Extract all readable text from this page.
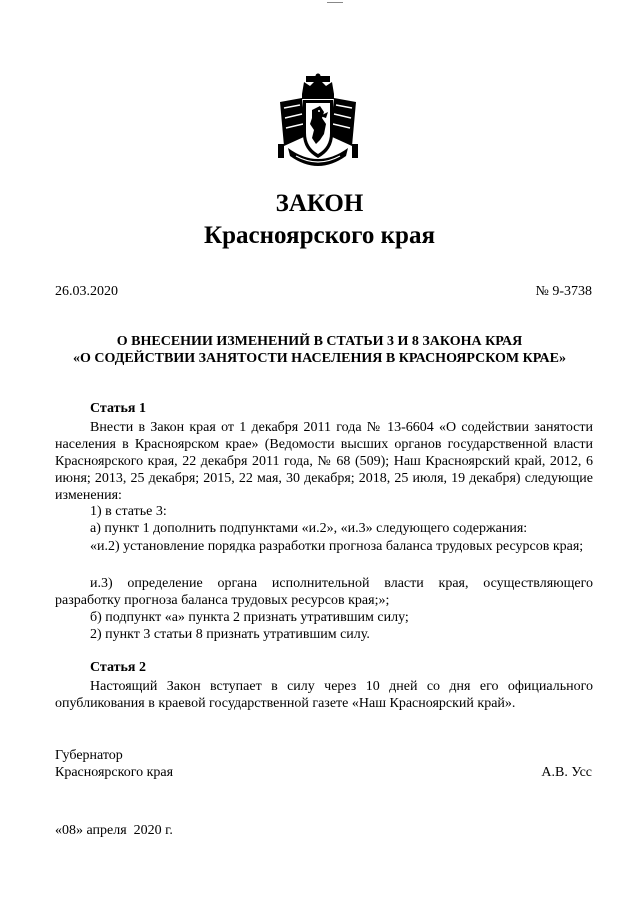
ЗАКОН
Красноярского края
26.03.2020	№ 9-3738
О ВНЕСЕНИИ ИЗМЕНЕНИЙ В СТАТЬИ 3 И 8 ЗАКОНА КРАЯ
«О СОДЕЙСТВИИ ЗАНЯТОСТИ НАСЕЛЕНИЯ В КРАСНОЯРСКОМ КРАЕ»
Статья 1

Внести в Закон края от 1 декабря 2011 года № 13-6604 «О содействии занятости населения в Красноярском крае» (Ведомости высших органов государственной власти Красноярского края, 22 декабря 2011 года, № 68 (509); Наш Красноярский край, 2012, 6 июня; 2013, 25 декабря; 2015, 22 мая, 30 декабря; 2018, 25 июля, 19 декабря) следующие изменения:

1) в статье 3:
а) пункт 1 дополнить подпунктами «и.2», «и.3» следующего содержания:

«и.2) установление порядка разработки прогноза баланса трудовых ресурсов края;

и.3) определение органа исполнительной власти края, осуществляющего разработку прогноза баланса трудовых ресурсов края;»;

б) подпункт «а» пункта 2 признать утратившим силу;
2) пункт 3 статьи 8 признать утратившим силу.
Статья 2

Настоящий Закон вступает в силу через 10 дней со дня его официального опубликования в краевой государственной газете «Наш Красноярский край».

Губернатор
Красноярского края	А.В. Усс
«08» апреля  2020 г.
